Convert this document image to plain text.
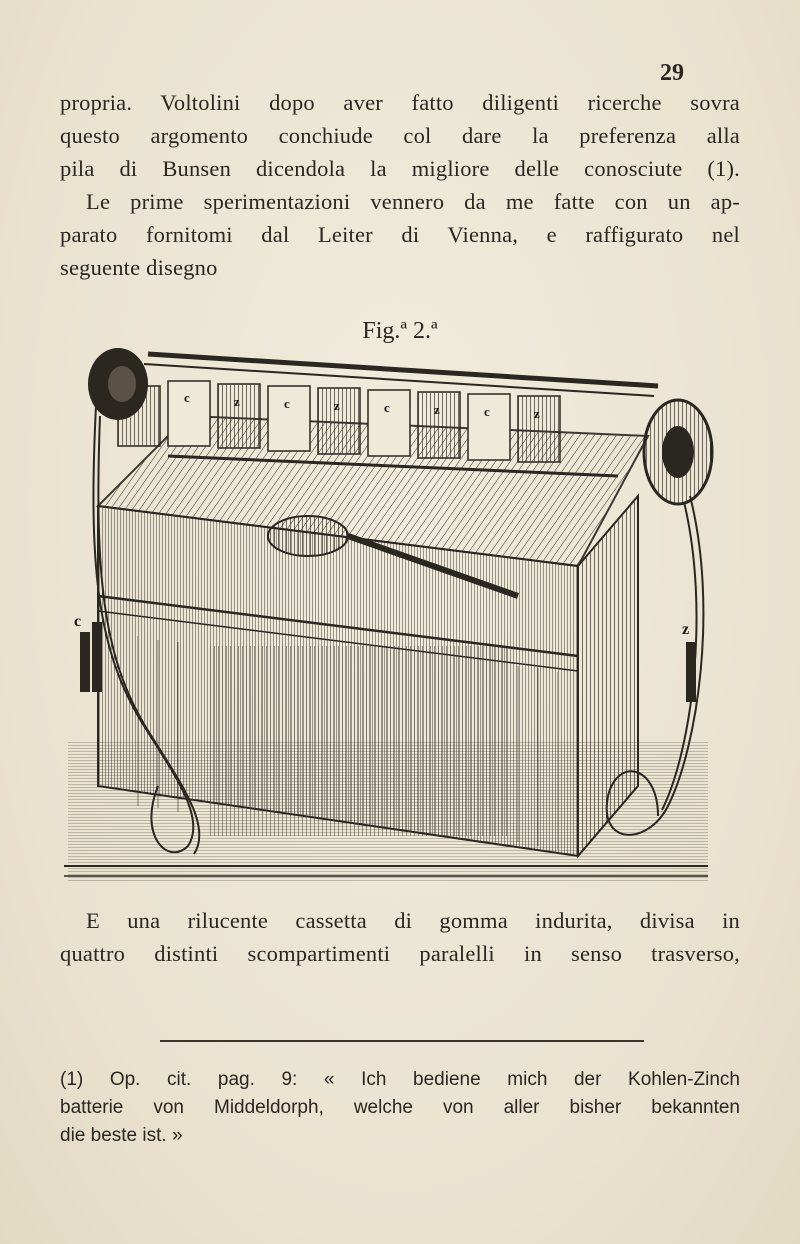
29
propria. Voltolini dopo aver fatto diligenti ricerche sovra
questo argomento conchiude col dare la preferenza alla
pila di Bunsen dicendola la migliore delle conosciute (1).
Le prime sperimentazioni vennero da me fatte con un ap-
parato fornitomi dal Leiter di Vienna, e raffigurato nel
seguente disegno
Fig.ª 2.ª
c	z	c	z	c	z	c	z
c	z
E una rilucente cassetta di gomma indurita, divisa in
quattro distinti scompartimenti paralelli in senso trasverso,
(1) Op. cit. pag. 9: « Ich bediene mich der Kohlen-Zinch
batterie von Middeldorph, welche von aller bisher bekannten
die beste ist. »
